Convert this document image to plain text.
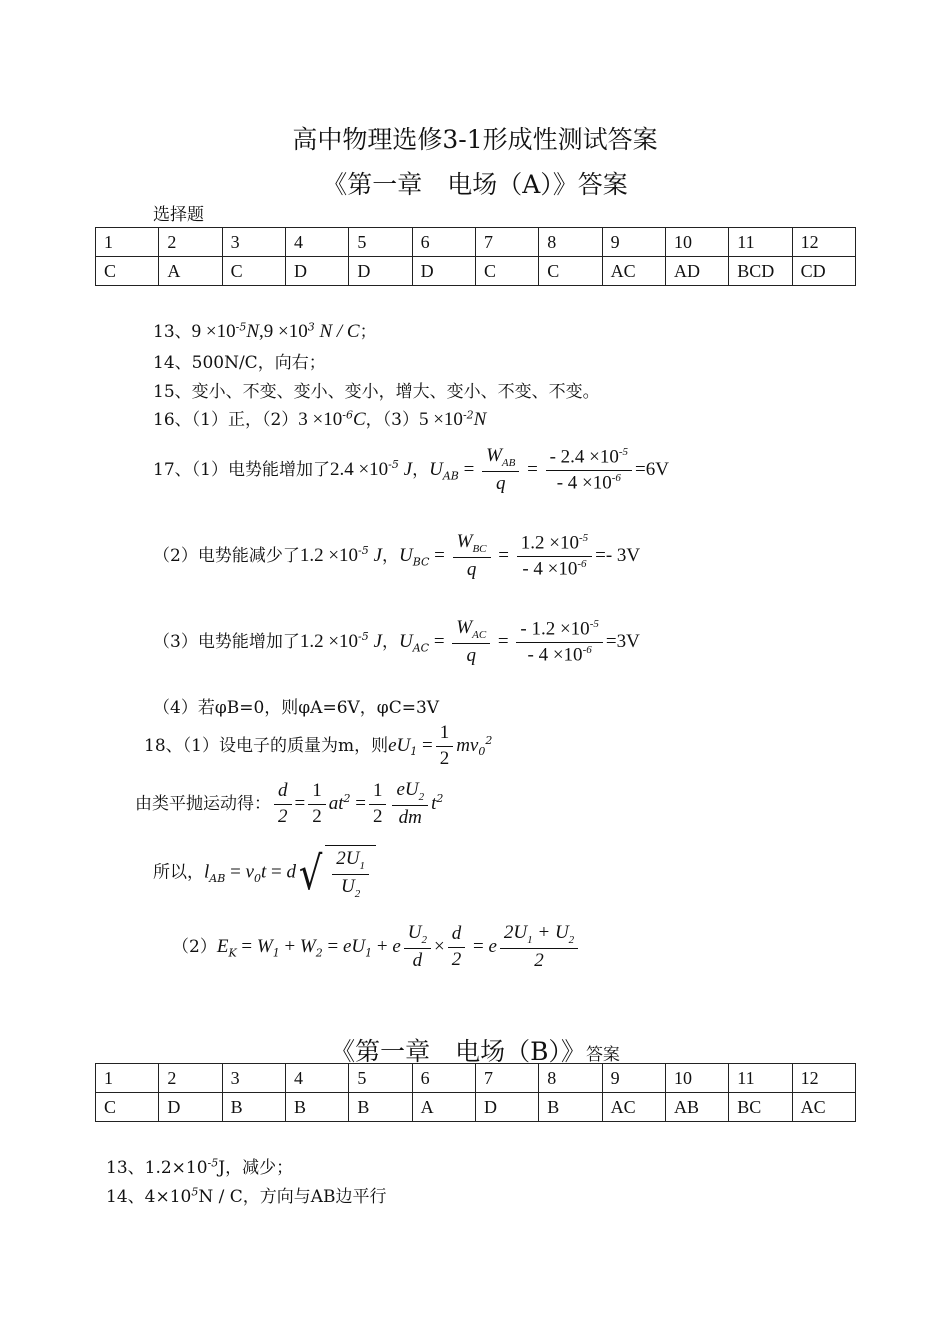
高中物理选修3-1形成性测试答案
《第一章　电场（A）》答案
选择题
1	2	3	4	5	6	7	8	9	10	11	12
C	A	C	D	D	D	C	C	AC	AD	BCD	CD
13、$9 \times 10^{-5}N,9 \times 10^3$ N / C；
14、500N/C，向右；
15、变小、不变、变小、变小，增大、变小、不变、不变。
16、（1）正，$(2)3 \times 10^{-6}C$，$(3)5 \times 10^{-2}N$
17、（1）电势能增加了$2.4 \times 10^{-5}$ J，$U_{AB} = \frac{W_{AB}}{q} = \frac{- 2.4 \times 10^{-5}}{- 4 \times 10^{-6}} =6V$
（2）电势能减少了$1.2 \times 10^{-5}$ J，$U_{BC} = \frac{W_{BC}}{q} = \frac{1.2 \times 10^{-5}}{- 4 \times 10^{-6}} =- 3V$
（3）电势能增加了$1.2 \times 10^{-5}$ J，$U_{AC} = \frac{W_{AC}}{q} = \frac{- 1.2 \times 10^{-5}}{- 4 \times 10^{-6}} =3V$
（4）若φB=0，则φA=6V，φC=3V
18、（1）设电子的质量为m，则$eU_1 = \frac{1}{2} mv_0^2$
由类平抛运动得： $\frac{d}{2} = \frac{1}{2} at^2 = \frac{1}{2} \frac{eU_2}{dm} t^2$
所以，$l_{AB} = v_0t = d√ \frac{2U_1}{U_2}$
$(2)E_K = W_1 + W_2 = eU_1 + e \frac{U_2}{d} \times \frac{d}{2} = e \frac{2U_1 + U_2}{2}$
《第一章　电场（B）》答案
1	2	3	4	5	6	7	8	9	10	11	12
C	D	B	B	B	A	D	B	AC	AB	BC	AC
13、$1.2\times 10^{-5}J$，减少；
14、$4\times 10^5N / C$，方向与AB边平行
